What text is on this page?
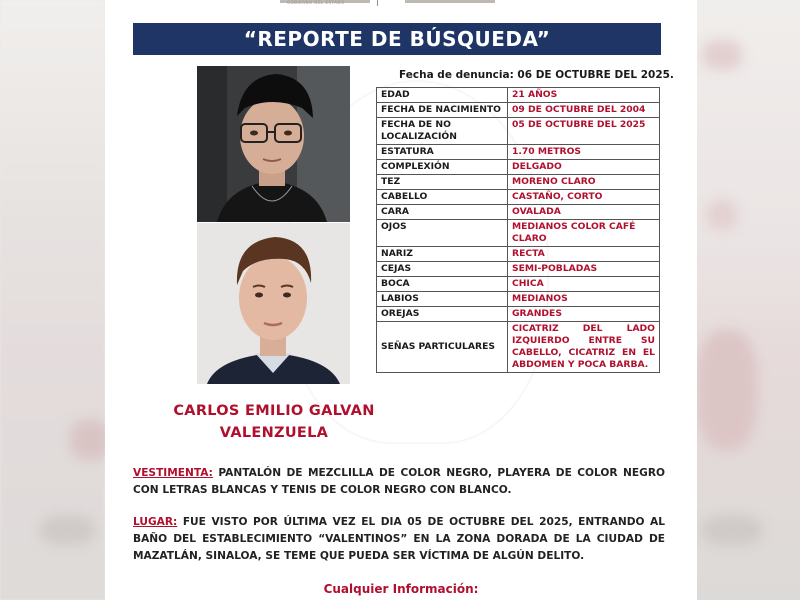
GOBIERNO DEL ESTADO
“REPORTE DE BÚSQUEDA”
Fecha de denuncia: 06 DE OCTUBRE DEL 2025.
EDAD	21 AÑOS
FECHA DE NACIMIENTO	09 DE OCTUBRE DEL 2004
FECHA DE NO LOCALIZACIÓN	05 DE OCTUBRE DEL 2025
ESTATURA	1.70 METROS
COMPLEXIÓN	DELGADO
TEZ	MORENO CLARO
CABELLO	CASTAÑO, CORTO
CARA	OVALADA
OJOS	MEDIANOS COLOR CAFÉ CLARO
NARIZ	RECTA
CEJAS	SEMI-POBLADAS
BOCA	CHICA
LABIOS	MEDIANOS
OREJAS	GRANDES
SEÑAS PARTICULARES	CICATRIZ DEL LADO IZQUIERDO ENTRE SU CABELLO, CICATRIZ EN EL ABDOMEN Y POCA BARBA.
CARLOS EMILIO GALVAN
VALENZUELA
VESTIMENTA: PANTALÓN DE MEZCLILLA DE COLOR NEGRO, PLAYERA DE COLOR NEGRO CON LETRAS BLANCAS Y TENIS DE COLOR NEGRO CON BLANCO.
LUGAR: FUE VISTO POR ÚLTIMA VEZ EL DIA 05 DE OCTUBRE DEL 2025, ENTRANDO AL BAÑO DEL ESTABLECIMIENTO “VALENTINOS” EN LA ZONA DORADA DE LA CIUDAD DE MAZATLÁN, SINALOA, SE TEME QUE PUEDA SER VÍCTIMA DE ALGÚN DELITO.
Cualquier Información:
